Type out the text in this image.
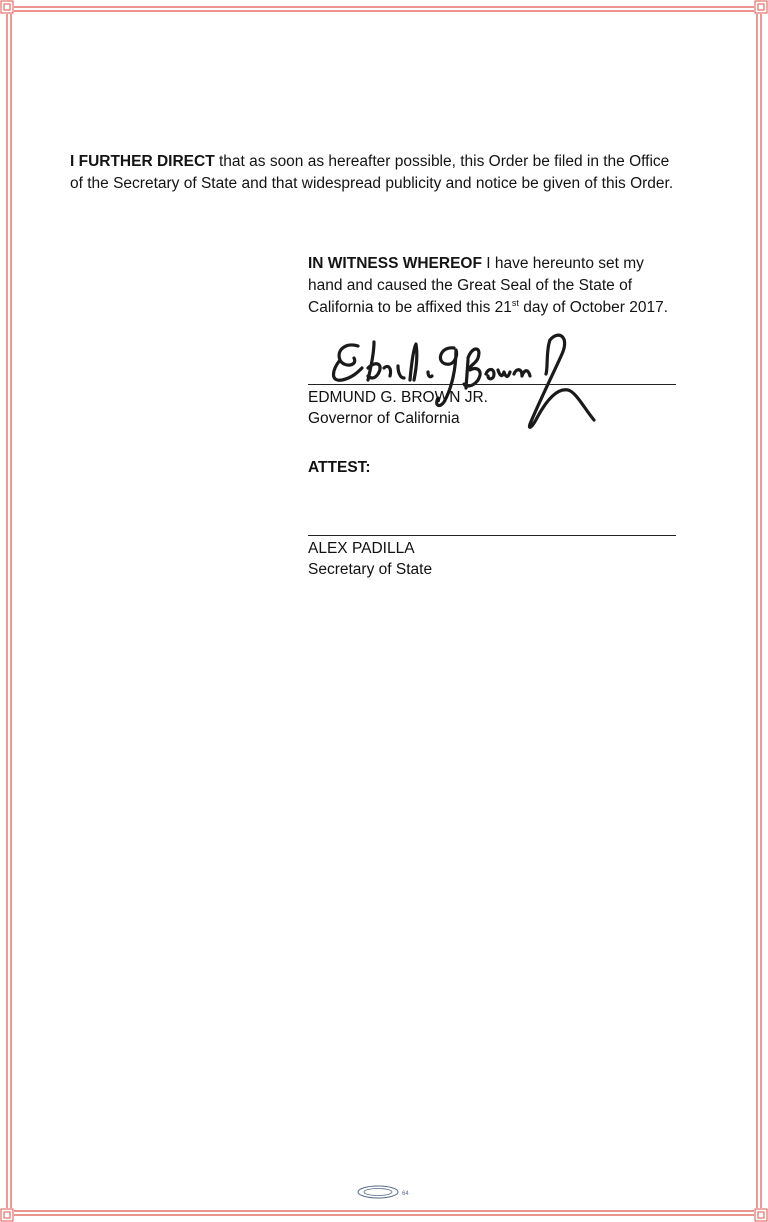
I FURTHER DIRECT that as soon as hereafter possible, this Order be filed in the Office of the Secretary of State and that widespread publicity and notice be given of this Order.
IN WITNESS WHEREOF I have hereunto set my hand and caused the Great Seal of the State of California to be affixed this 21st day of October 2017.
EDMUND G. BROWN JR.
Governor of California
ATTEST:
ALEX PADILLA
Secretary of State
64
